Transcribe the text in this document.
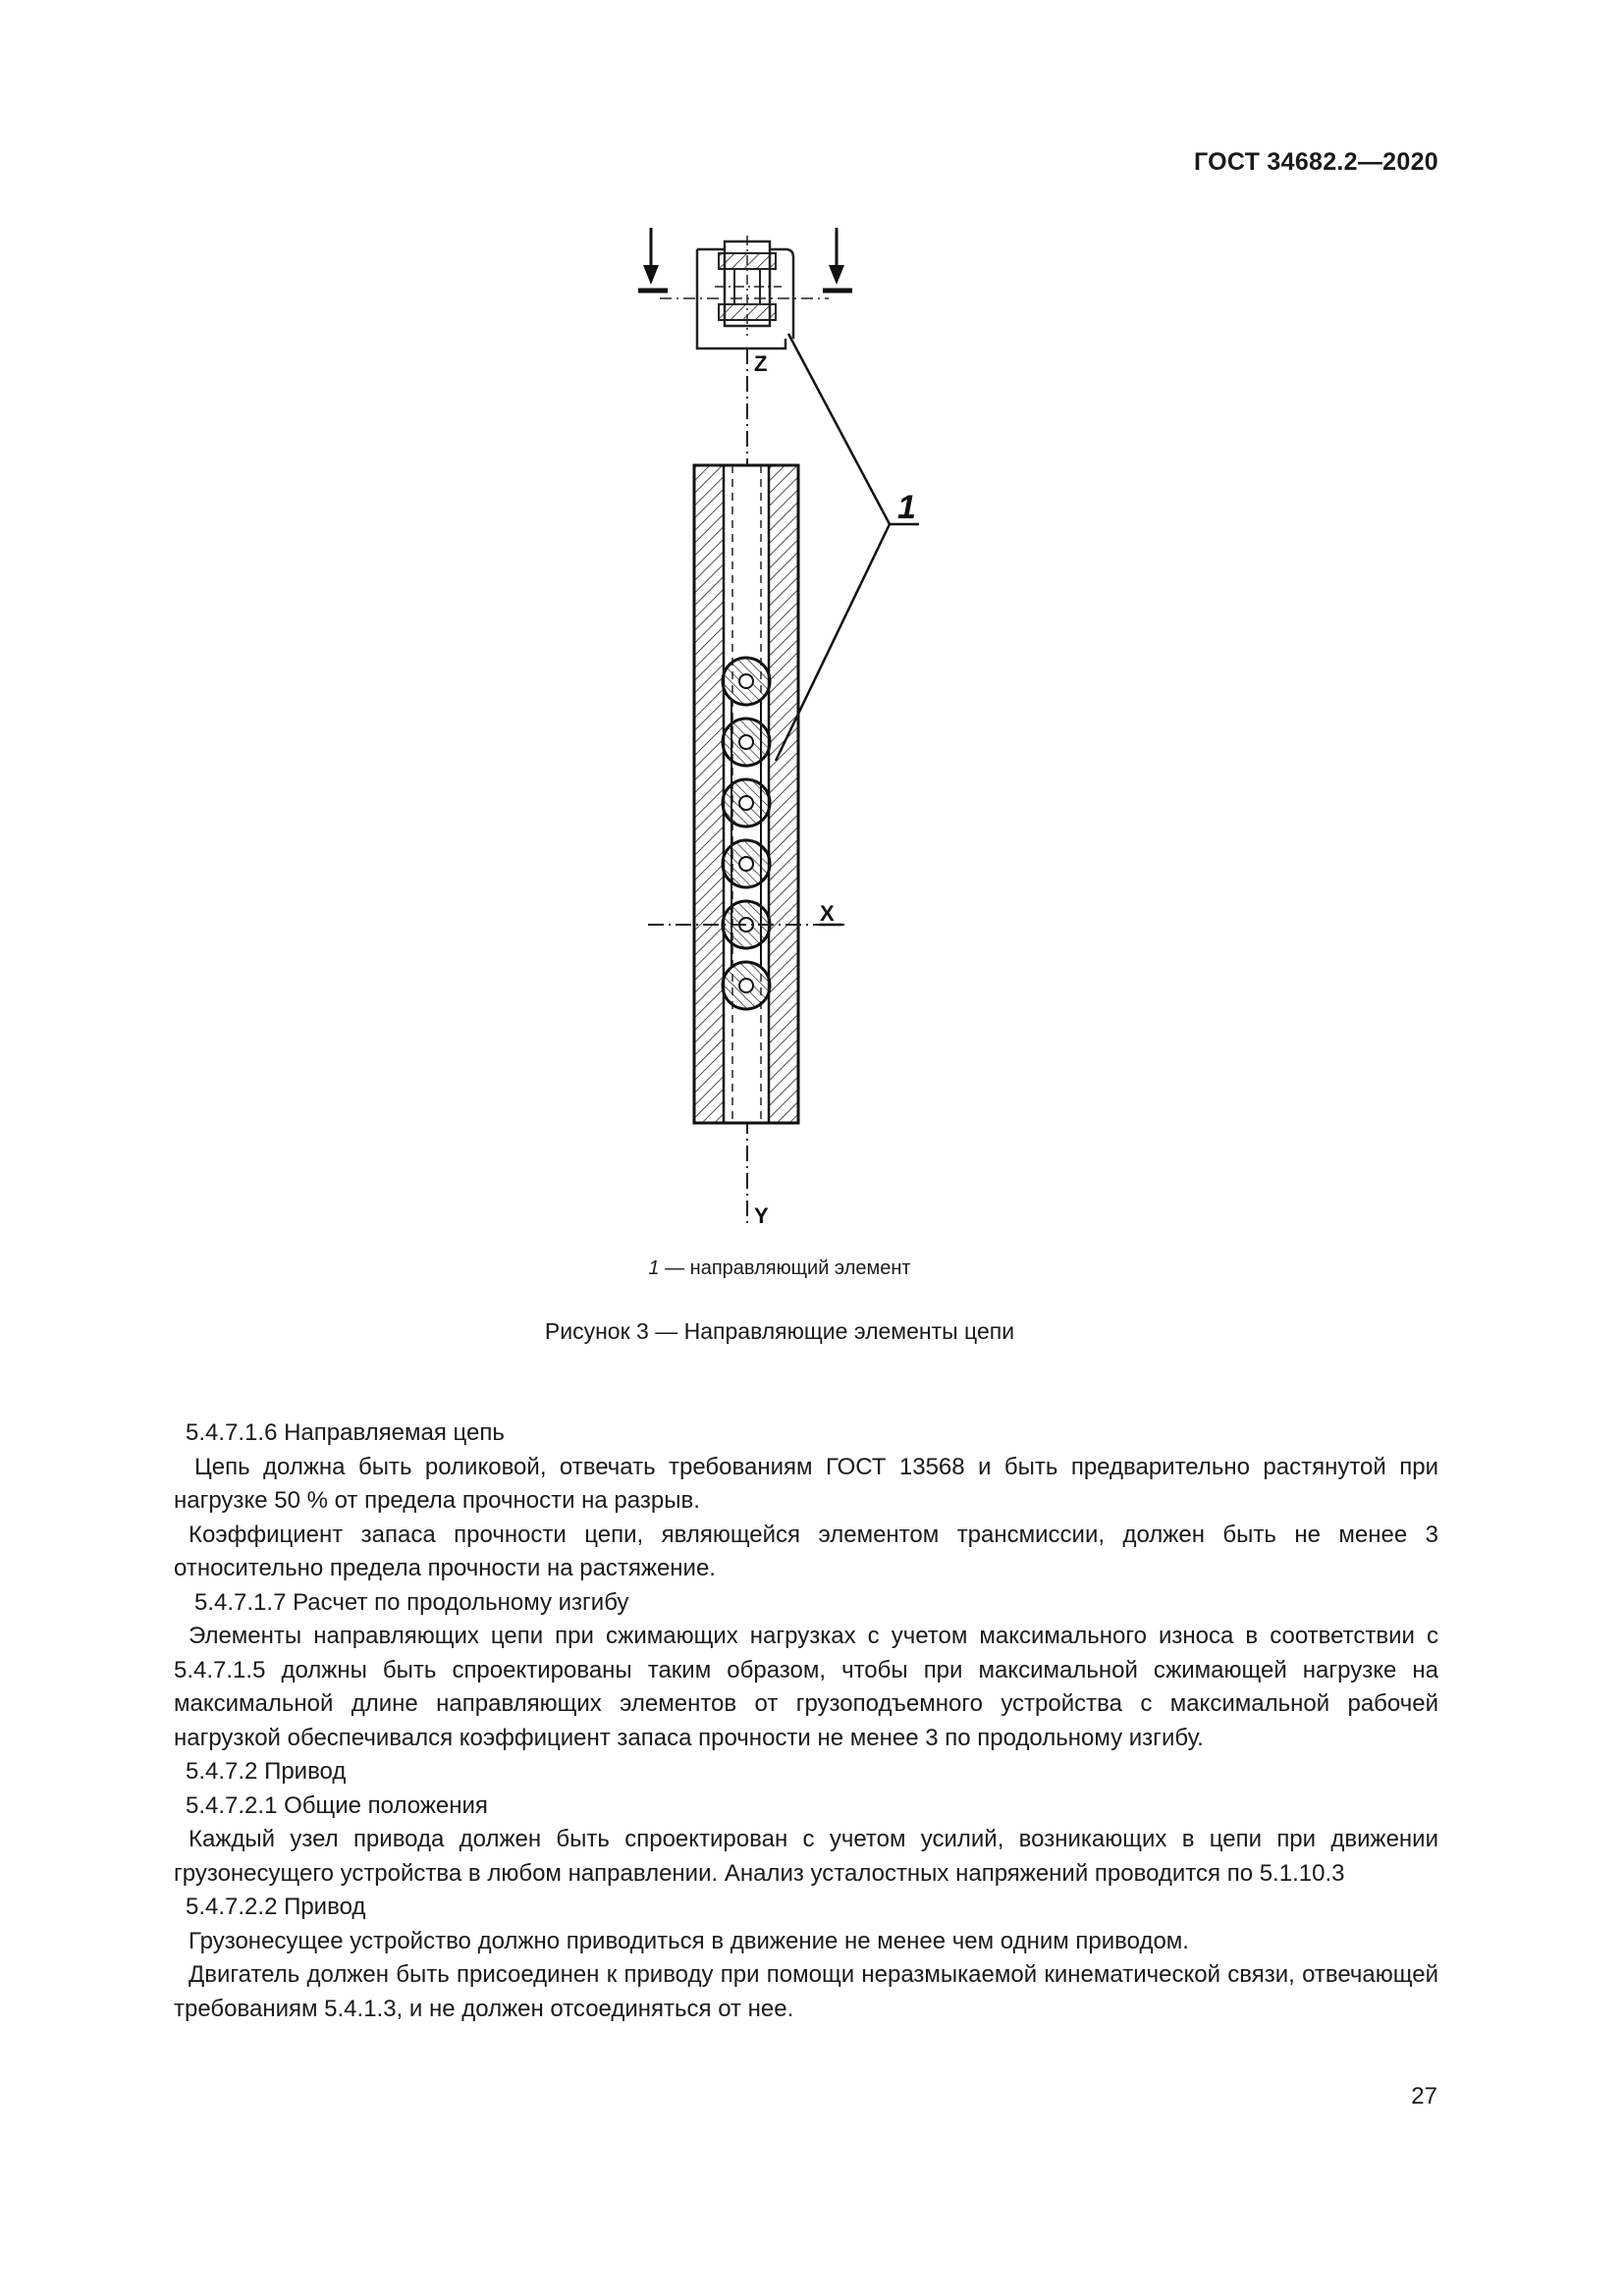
ГОСТ 34682.2—2020
Z
X
Y
1
1 — направляющий элемент
Рисунок 3 — Направляющие элементы цепи

5.4.7.1.6 Направляемая цепь

Цепь должна быть роликовой, отвечать требованиям ГОСТ 13568 и быть предварительно растянутой при нагрузке 50 % от предела прочности на разрыв.

Коэффициент запаса прочности цепи, являющейся элементом трансмиссии, должен быть не менее 3 относительно предела прочности на растяжение.

5.4.7.1.7 Расчет по продольному изгибу

Элементы направляющих цепи при сжимающих нагрузках с учетом максимального износа в соответствии с 5.4.7.1.5 должны быть спроектированы таким образом, чтобы при максимальной сжимающей нагрузке на максимальной длине направляющих элементов от грузоподъемного устройства с максимальной рабочей нагрузкой обеспечивался коэффициент запаса прочности не менее 3 по продольному изгибу.

5.4.7.2 Привод

5.4.7.2.1 Общие положения

Каждый узел привода должен быть спроектирован с учетом усилий, возникающих в цепи при движении грузонесущего устройства в любом направлении. Анализ усталостных напряжений проводится по 5.1.10.3

5.4.7.2.2 Привод

Грузонесущее устройство должно приводиться в движение не менее чем одним приводом.

Двигатель должен быть присоединен к приводу при помощи неразмыкаемой кинематической связи, отвечающей требованиям 5.4.1.3, и не должен отсоединяться от нее.

27
